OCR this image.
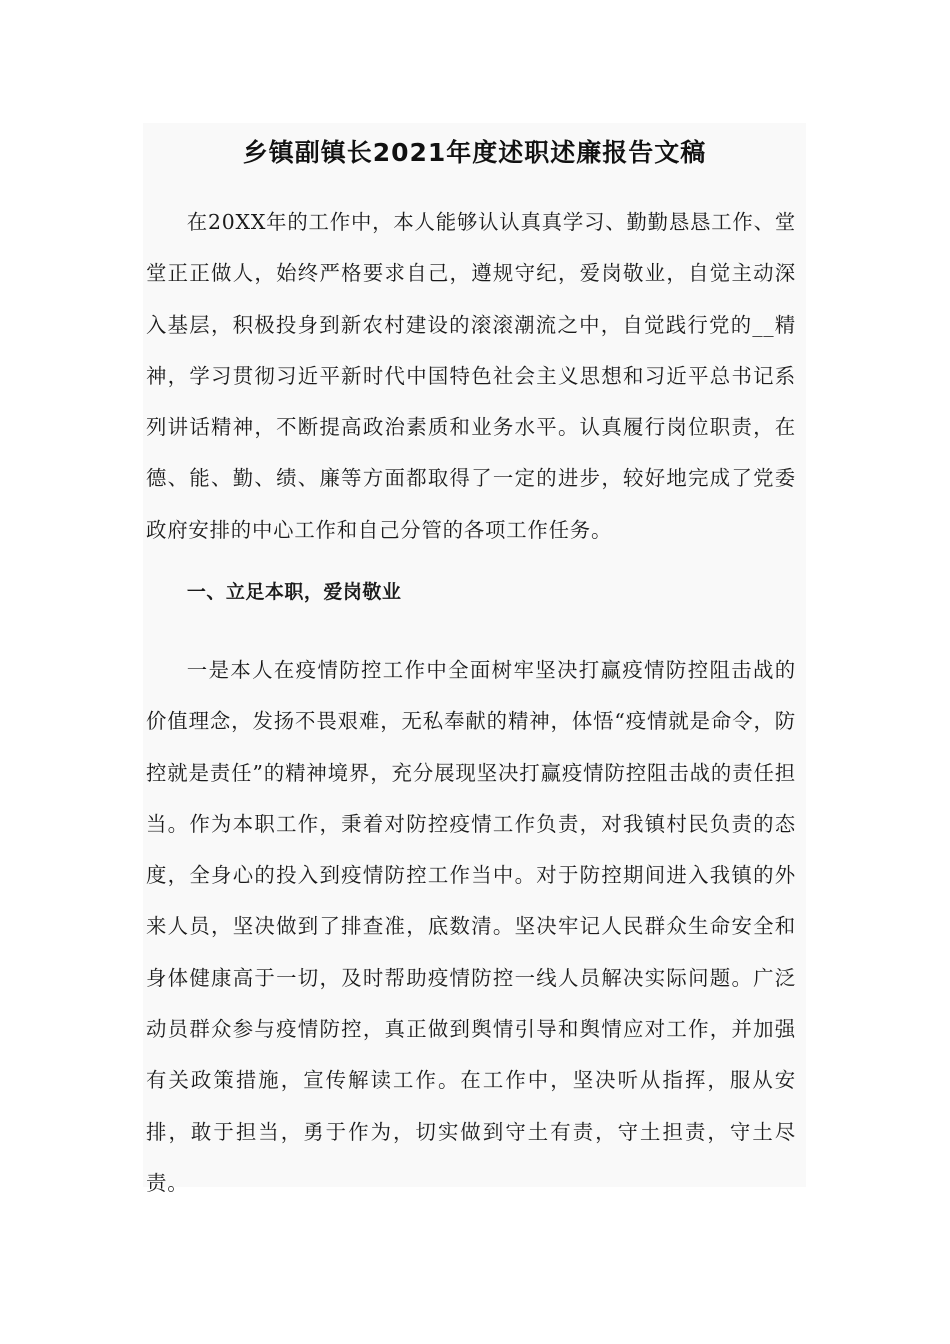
乡镇副镇长2021年度述职述廉报告文稿

在20XX年的工作中，本人能够认认真真学习、勤勤恳恳工作、堂堂正正做人，始终严格要求自己，遵规守纪，爱岗敬业，自觉主动深入基层，积极投身到新农村建设的滚滚潮流之中，自觉践行党的__精神，学习贯彻习近平新时代中国特色社会主义思想和习近平总书记系列讲话精神，不断提高政治素质和业务水平。认真履行岗位职责，在德、能、勤、绩、廉等方面都取得了一定的进步，较好地完成了党委政府安排的中心工作和自己分管的各项工作任务。

一、立足本职，爱岗敬业

一是本人在疫情防控工作中全面树牢坚决打赢疫情防控阻击战的价值理念，发扬不畏艰难，无私奉献的精神，体悟“疫情就是命令，防控就是责任”的精神境界，充分展现坚决打赢疫情防控阻击战的责任担当。作为本职工作，秉着对防控疫情工作负责，对我镇村民负责的态度，全身心的投入到疫情防控工作当中。对于防控期间进入我镇的外来人员，坚决做到了排查准，底数清。坚决牢记人民群众生命安全和身体健康高于一切，及时帮助疫情防控一线人员解决实际问题。广泛动员群众参与疫情防控，真正做到舆情引导和舆情应对工作，并加强有关政策措施，宣传解读工作。在工作中，坚决听从指挥，服从安排，敢于担当，勇于作为，切实做到守土有责，守土担责，守土尽责。
